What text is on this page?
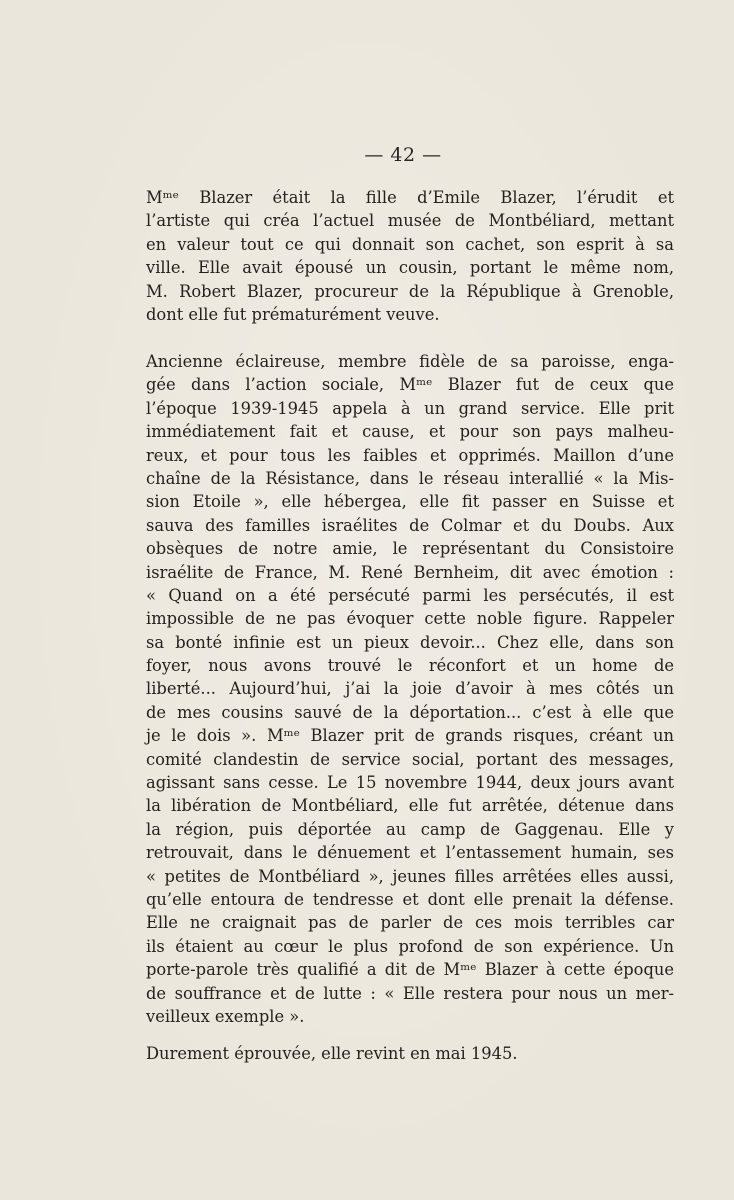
— 42 —
Mᵐᵉ Blazer était la fille d’Emile Blazer, l’érudit et
l’artiste qui créa l’actuel musée de Montbéliard, mettant
en valeur tout ce qui donnait son cachet, son esprit à sa
ville. Elle avait épousé un cousin, portant le même nom,
M. Robert Blazer, procureur de la République à Grenoble,
dont elle fut prématurément veuve.
Ancienne éclaireuse, membre fidèle de sa paroisse, enga-
gée dans l’action sociale, Mᵐᵉ Blazer fut de ceux que
l’époque 1939-1945 appela à un grand service. Elle prit
immédiatement fait et cause, et pour son pays malheu-
reux, et pour tous les faibles et opprimés. Maillon d’une
chaîne de la Résistance, dans le réseau interallié « la Mis-
sion Etoile », elle hébergea, elle fit passer en Suisse et
sauva des familles israélites de Colmar et du Doubs. Aux
obsèques de notre amie, le représentant du Consistoire
israélite de France, M. René Bernheim, dit avec émotion :
« Quand on a été persécuté parmi les persécutés, il est
impossible de ne pas évoquer cette noble figure. Rappeler
sa bonté infinie est un pieux devoir... Chez elle, dans son
foyer, nous avons trouvé le réconfort et un home de
liberté... Aujourd’hui, j’ai la joie d’avoir à mes côtés un
de mes cousins sauvé de la déportation... c’est à elle que
je le dois ». Mᵐᵉ Blazer prit de grands risques, créant un
comité clandestin de service social, portant des messages,
agissant sans cesse. Le 15 novembre 1944, deux jours avant
la libération de Montbéliard, elle fut arrêtée, détenue dans
la région, puis déportée au camp de Gaggenau. Elle y
retrouvait, dans le dénuement et l’entassement humain, ses
« petites de Montbéliard », jeunes filles arrêtées elles aussi,
qu’elle entoura de tendresse et dont elle prenait la défense.
Elle ne craignait pas de parler de ces mois terribles car
ils étaient au cœur le plus profond de son expérience. Un
porte-parole très qualifié a dit de Mᵐᵉ Blazer à cette époque
de souffrance et de lutte : « Elle restera pour nous un mer-
veilleux exemple ».
Durement éprouvée, elle revint en mai 1945.
